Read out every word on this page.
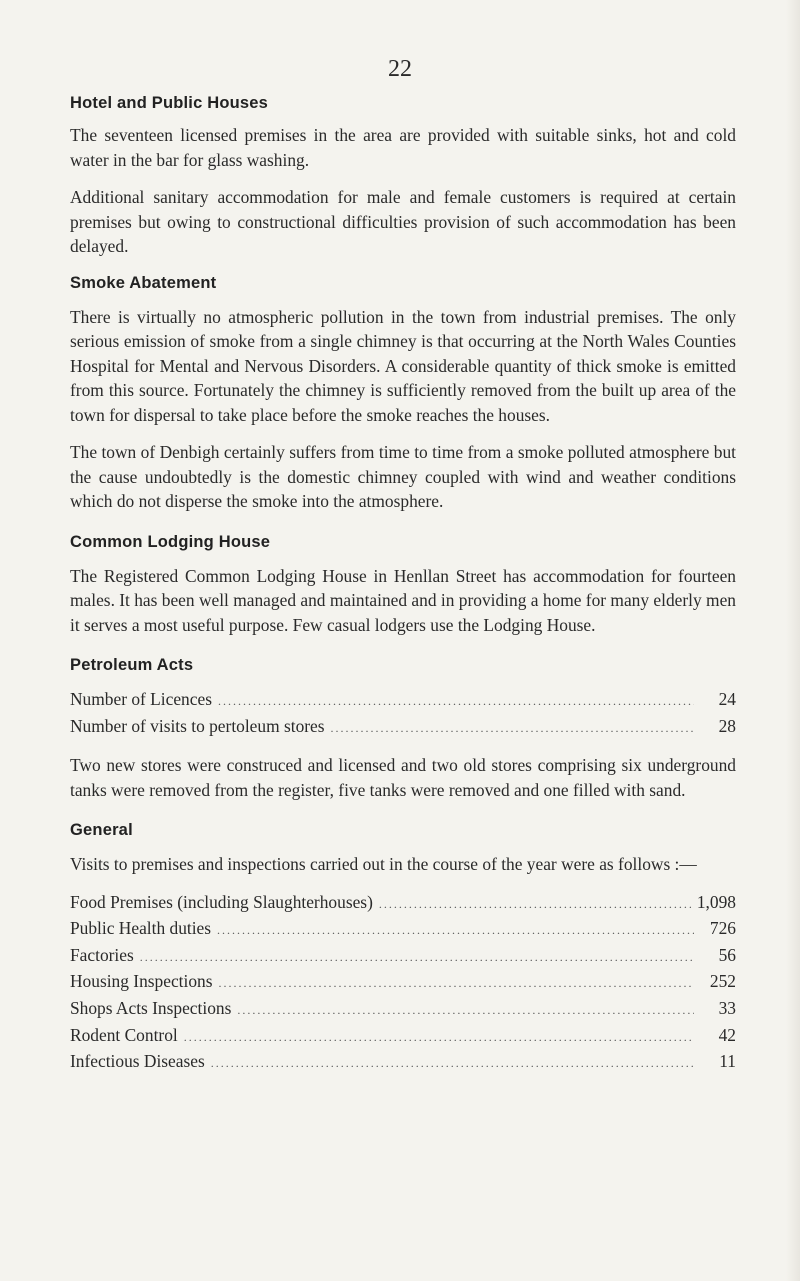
22
Hotel and Public Houses

The seventeen licensed premises in the area are provided with suitable sinks, hot and cold water in the bar for glass washing.

Additional sanitary accommodation for male and female customers is required at certain premises but owing to constructional difficulties provision of such accommodation has been delayed.

Smoke Abatement

There is virtually no atmospheric pollution in the town from industrial premises. The only serious emission of smoke from a single chimney is that occurring at the North Wales Counties Hospital for Mental and Nervous Disorders. A considerable quantity of thick smoke is emitted from this source. Fortunately the chimney is sufficiently removed from the built up area of the town for dispersal to take place before the smoke reaches the houses.

The town of Denbigh certainly suffers from time to time from a smoke polluted atmosphere but the cause undoubtedly is the domestic chimney coupled with wind and weather conditions which do not disperse the smoke into the atmosphere.

Common Lodging House

The Registered Common Lodging House in Henllan Street has accommodation for fourteen males. It has been well managed and maintained and in providing a home for many elderly men it serves a most useful purpose. Few casual lodgers use the Lodging House.

Petroleum Acts
Number of Licences .....	24
Number of visits to pertoleum stores .....	28

Two new stores were construced and licensed and two old stores comprising six underground tanks were removed from the register, five tanks were removed and one filled with sand.

General

Visits to premises and inspections carried out in the course of the year were as follows :—

Food Premises (including Slaughterhouses) .....	1,098
Public Health duties .....	726
Factories .....	56
Housing Inspections .....	252
Shops Acts Inspections .....	33
Rodent Control .....	42
Infectious Diseases .....	11
